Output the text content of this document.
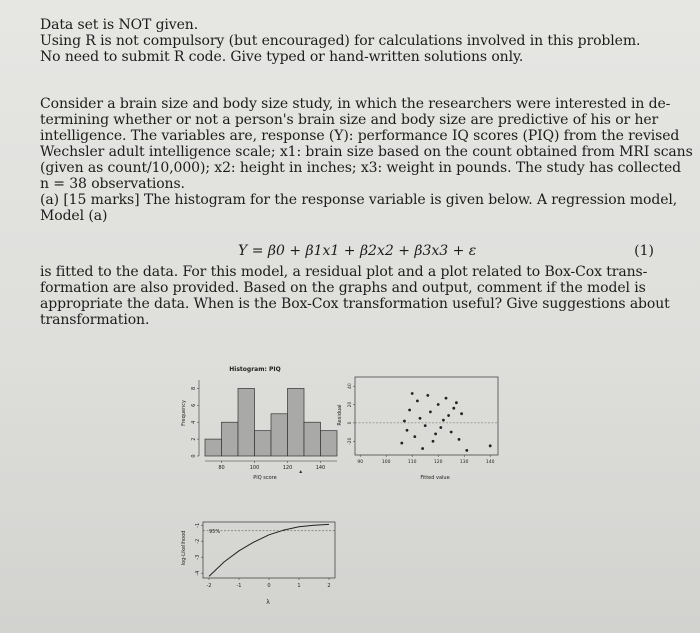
Data set is NOT given.
Using R is not compulsory (but encouraged) for calculations involved in this problem.
No need to submit R code. Give typed or hand-written solutions only.
Consider a brain size and body size study, in which the researchers were interested in de-
termining whether or not a person's brain size and body size are predictive of his or her
intelligence. The variables are, response (Y): performance IQ scores (PIQ) from the revised
Wechsler adult intelligence scale; x1: brain size based on the count obtained from MRI scans
(given as count/10,000); x2: height in inches; x3: weight in pounds. The study has collected
n = 38 observations.
(a) [15 marks] The histogram for the response variable is given below. A regression model,
Model (a)
Y = β0 + β1x1 + β2x2 + β3x3 + ε	(1)
is fitted to the data. For this model, a residual plot and a plot related to Box-Cox trans-
formation are also provided. Based on the graphs and output, comment if the model is
appropriate the data. When is the Box-Cox transformation useful? Give suggestions about
transformation.
Histogram: PIQ
Frequency
PIQ score
80	100	120	140
0
2
4
6
8
Residual
Fitted value
90	100	110	120	130	140
-20
0
20
40
log-Likelihood
λ
95%
-2	-1	0	1	2
-4
-3
-2
-1
